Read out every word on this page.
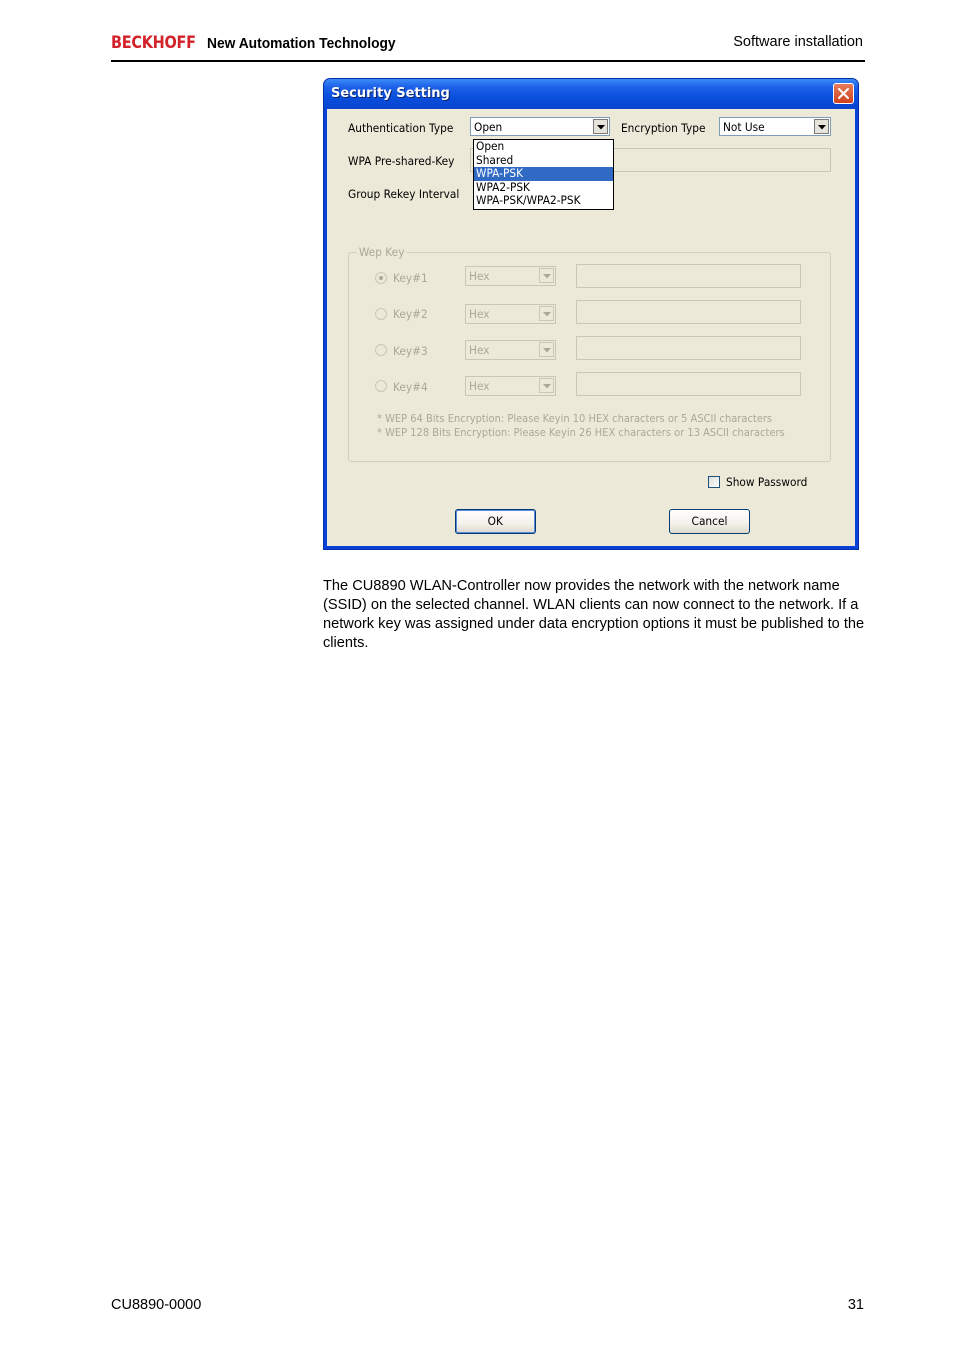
BECKHOFF New Automation Technology	Software installation
Security Setting
Authentication Type Open
Open
Shared
WPA-PSK
WPA2-PSK
WPA-PSK/WPA2-PSK
Encryption Type Not Use
WPA Pre-shared-Key
Group Rekey Interval
Wep Key
Key#1	Hex
Key#2	Hex
Key#3	Hex
Key#4	Hex
* WEP 64 Bits Encryption: Please Keyin 10 HEX characters or 5 ASCII characters
* WEP 128 Bits Encryption: Please Keyin 26 HEX characters or 13 ASCII characters
Show Password
OK	Cancel
The CU8890 WLAN-Controller now provides the network with the network name (SSID) on the selected channel. WLAN clients can now connect to the network. If a network key was assigned under data encryption options it must be published to the clients.
CU8890-0000	31
